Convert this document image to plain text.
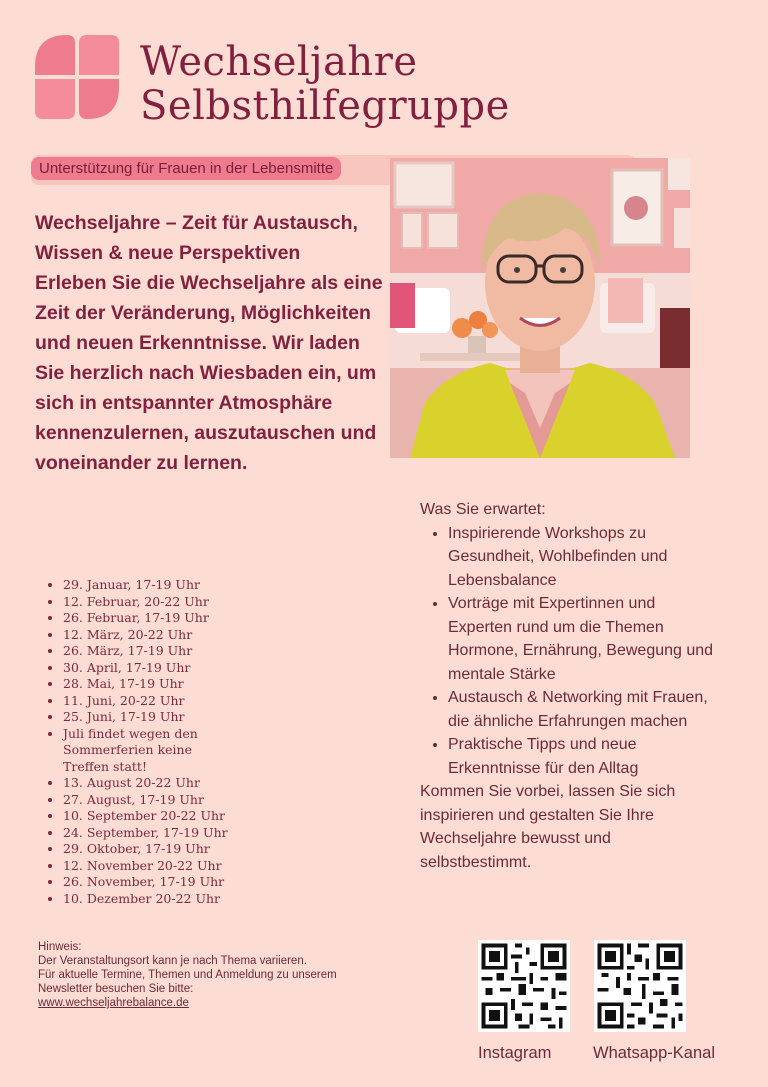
Wechseljahre
Selbsthilfegruppe
Unterstützung für Frauen in der Lebensmitte

Wechseljahre – Zeit für Austausch, Wissen & neue Perspektiven

Erleben Sie die Wechseljahre als eine Zeit der Veränderung, Möglichkeiten und neuen Erkenntnisse. Wir laden Sie herzlich nach Wiesbaden ein, um sich in entspannter Atmosphäre kennenzulernen, auszutauschen und voneinander zu lernen.

• 29. Januar, 17-19 Uhr
• 12. Februar, 20-22 Uhr
• 26. Februar, 17-19 Uhr
• 12. März, 20-22 Uhr
• 26. März, 17-19 Uhr
• 30. April, 17-19 Uhr
• 28. Mai, 17-19 Uhr
• 11. Juni, 20-22 Uhr
• 25. Juni, 17-19 Uhr
• Juli findet wegen den Sommerferien keine Treffen statt!
• 13. August 20-22 Uhr
• 27. August, 17-19 Uhr
• 10. September 20-22 Uhr
• 24. September, 17-19 Uhr
• 29. Oktober, 17-19 Uhr
• 12. November 20-22 Uhr
• 26. November, 17-19 Uhr
• 10. Dezember 20-22 Uhr

Was Sie erwartet:

• Inspirierende Workshops zu Gesundheit, Wohlbefinden und Lebensbalance
• Vorträge mit Expertinnen und Experten rund um die Themen Hormone, Ernährung, Bewegung und mentale Stärke
• Austausch & Networking mit Frauen, die ähnliche Erfahrungen machen
• Praktische Tipps und neue Erkenntnisse für den Alltag

Kommen Sie vorbei, lassen Sie sich inspirieren und gestalten Sie Ihre Wechseljahre bewusst und selbstbestimmt.

Hinweis:
Der Veranstaltungsort kann je nach Thema variieren.
Für aktuelle Termine, Themen und Anmeldung zu unserem Newsletter besuchen Sie bitte:
www.wechseljahrebalance.de
Instagram	Whatsapp-Kanal
